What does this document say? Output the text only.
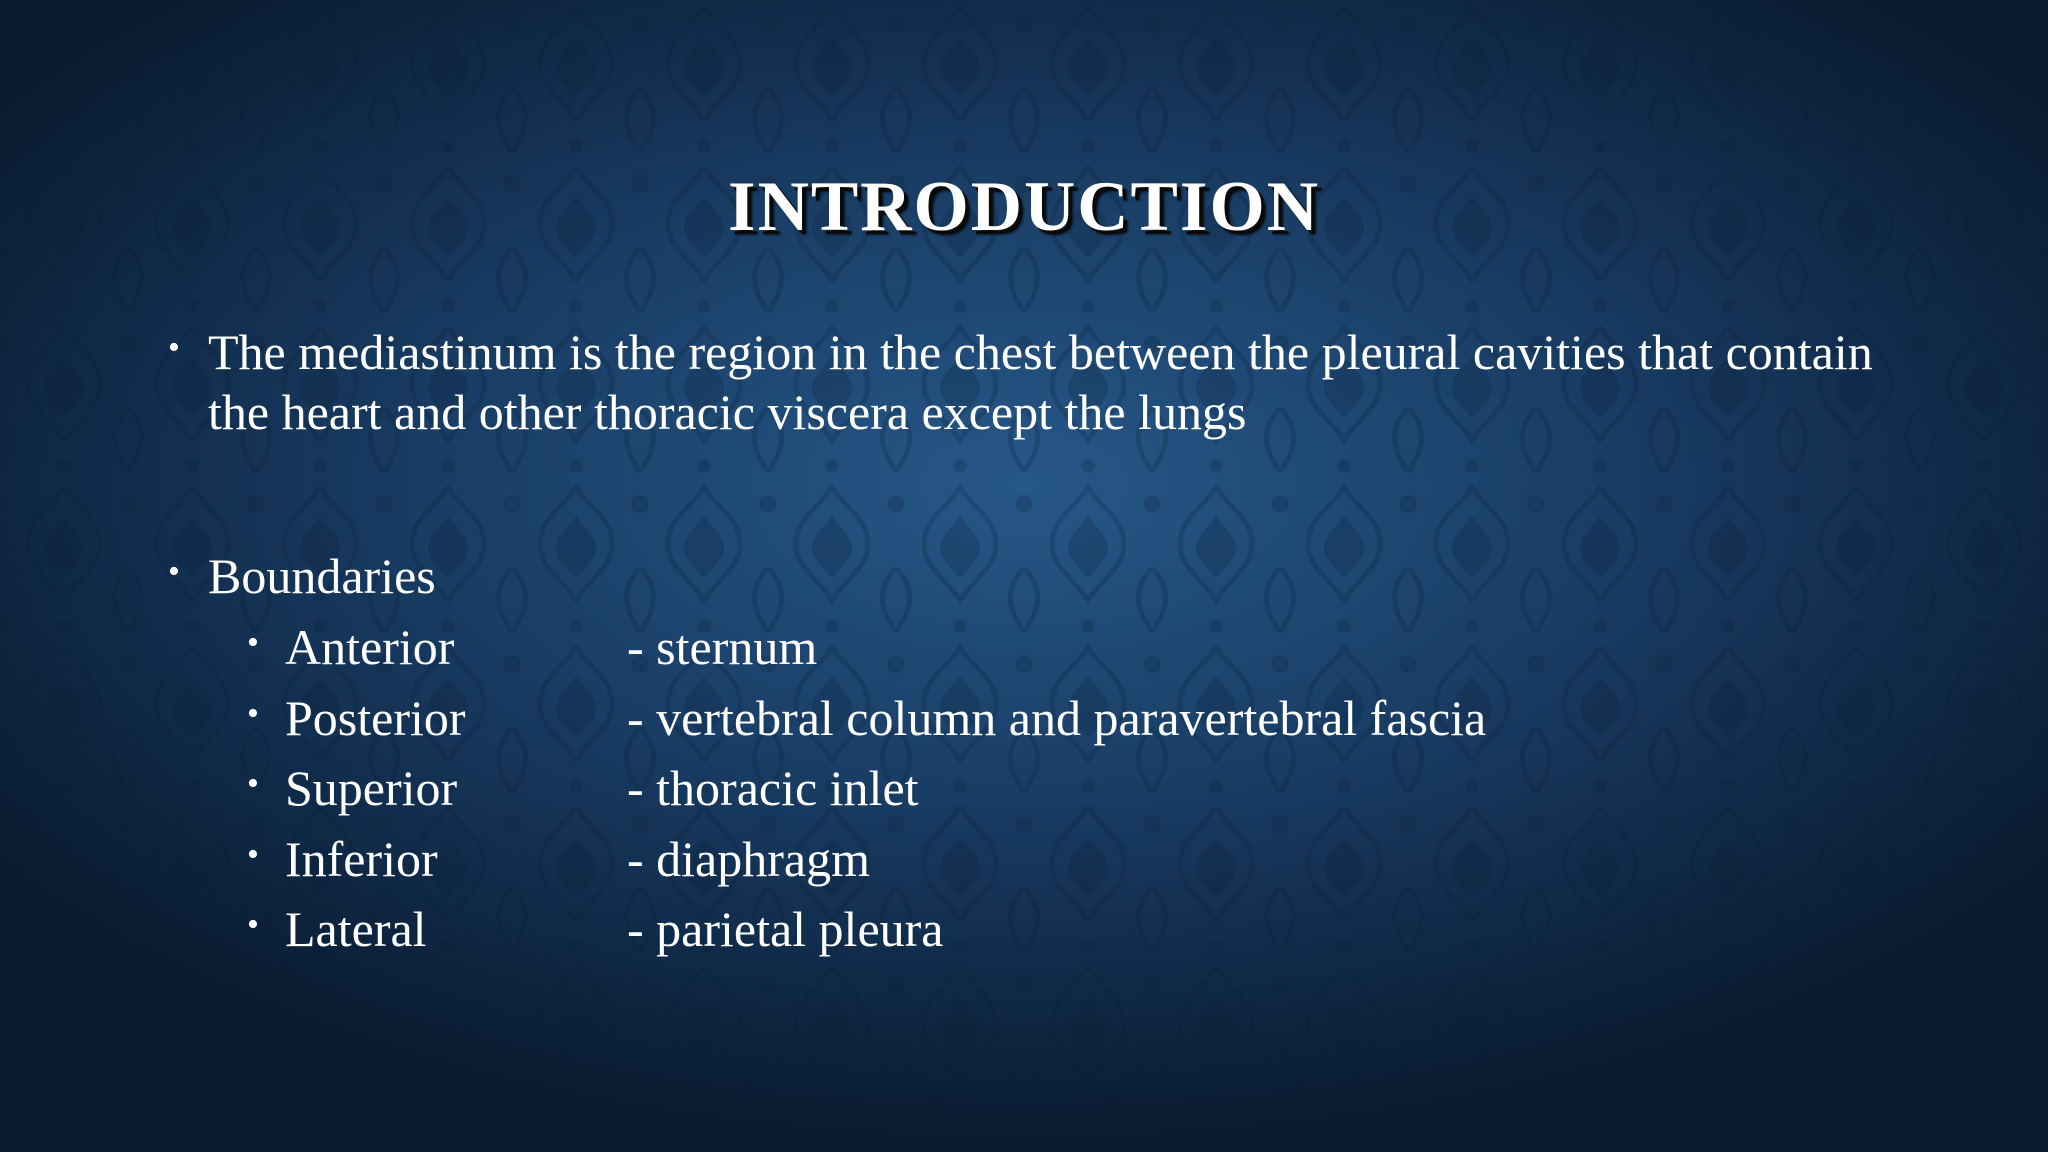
INTRODUCTION
• The mediastinum is the region in the chest between the pleural cavities that contain the heart and other thoracic viscera except the lungs
• Boundaries
• Anterior	- sternum
• Posterior	- vertebral column and paravertebral fascia
• Superior	- thoracic inlet
• Inferior	- diaphragm
• Lateral	- parietal pleura
